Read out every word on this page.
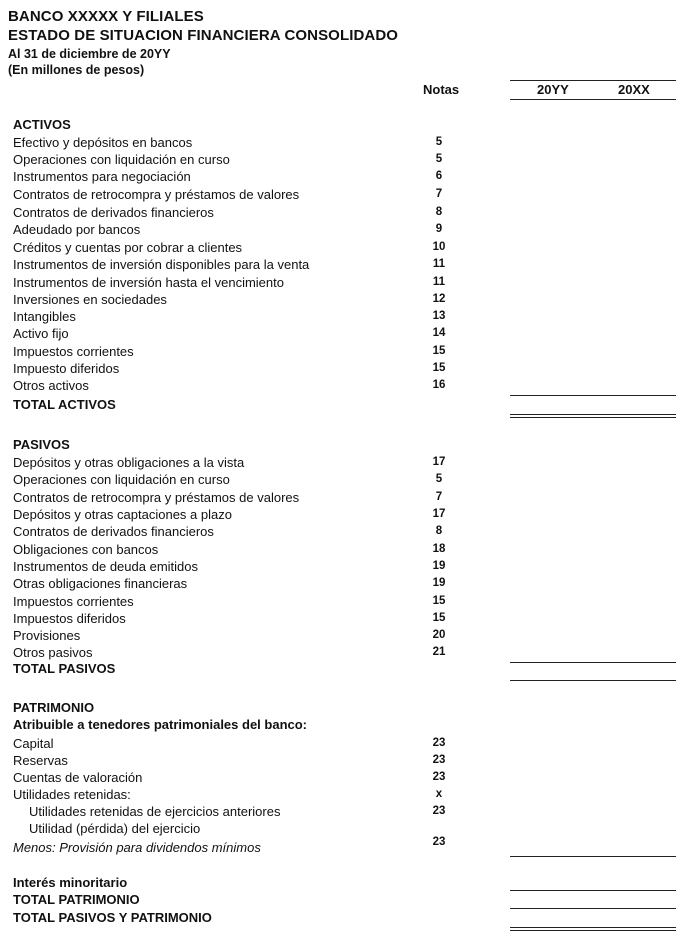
BANCO XXXXX Y FILIALES
ESTADO DE SITUACION FINANCIERA CONSOLIDADO
Al 31 de diciembre de 20YY
(En millones de pesos)
Notas	20YY	20XX
ACTIVOS
Efectivo y depósitos en bancos	5
Operaciones con liquidación en curso	5
Instrumentos para negociación	6
Contratos de retrocompra y préstamos de valores	7
Contratos de derivados financieros	8
Adeudado por bancos	9
Créditos y cuentas por cobrar a clientes	10
Instrumentos de inversión disponibles para la venta	11
Instrumentos de inversión hasta el vencimiento	11
Inversiones en sociedades	12
Intangibles	13
Activo fijo	14
Impuestos corrientes	15
Impuesto diferidos	15
Otros activos	16
TOTAL ACTIVOS
PASIVOS
Depósitos y otras obligaciones a la vista	17
Operaciones con liquidación en curso	5
Contratos de retrocompra y préstamos de valores	7
Depósitos y otras captaciones a plazo	17
Contratos de derivados financieros	8
Obligaciones con bancos	18
Instrumentos de deuda emitidos	19
Otras obligaciones financieras	19
Impuestos corrientes	15
Impuestos diferidos	15
Provisiones	20
Otros pasivos	21
TOTAL PASIVOS
PATRIMONIO
Atribuible a tenedores patrimoniales del banco:
Capital	23
Reservas	23
Cuentas de valoración	23
Utilidades retenidas:	x
Utilidades retenidas de ejercicios anteriores	23
Utilidad (pérdida) del ejercicio
Menos: Provisión para dividendos mínimos	23
Interés minoritario
TOTAL PATRIMONIO
TOTAL PASIVOS Y PATRIMONIO
